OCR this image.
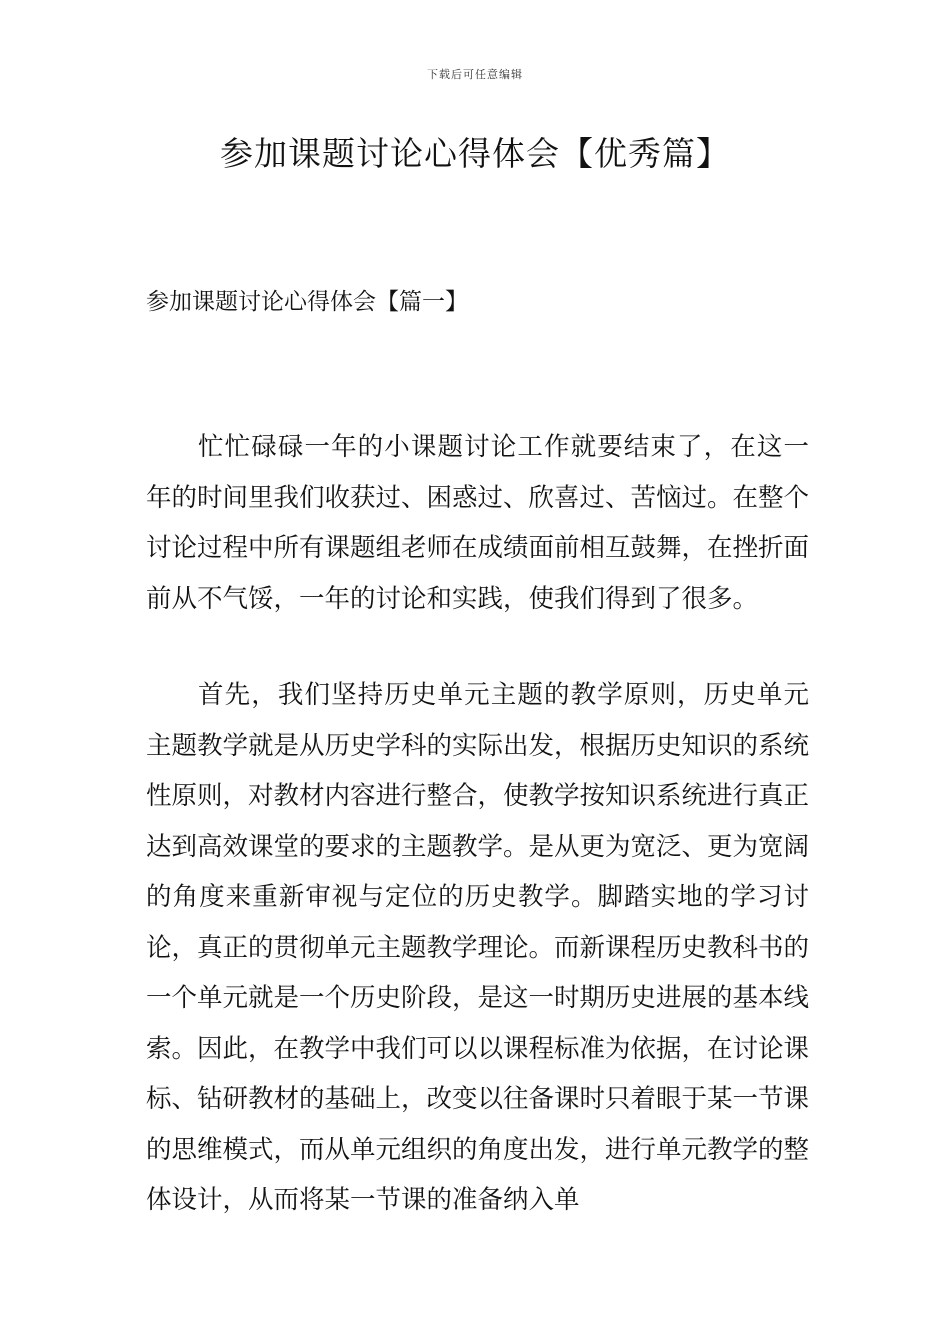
下载后可任意编辑
参加课题讨论心得体会【优秀篇】
参加课题讨论心得体会【篇一】

忙忙碌碌一年的小课题讨论工作就要结束了，在这一年的时间里我们收获过、困惑过、欣喜过、苦恼过。在整个讨论过程中所有课题组老师在成绩面前相互鼓舞，在挫折面前从不气馁，一年的讨论和实践，使我们得到了很多。

首先，我们坚持历史单元主题的教学原则，历史单元主题教学就是从历史学科的实际出发，根据历史知识的系统性原则，对教材内容进行整合，使教学按知识系统进行真正达到高效课堂的要求的主题教学。是从更为宽泛、更为宽阔的角度来重新审视与定位的历史教学。脚踏实地的学习讨论，真正的贯彻单元主题教学理论。而新课程历史教科书的一个单元就是一个历史阶段，是这一时期历史进展的基本线索。因此，在教学中我们可以以课程标准为依据，在讨论课标、钻研教材的基础上，改变以往备课时只着眼于某一节课的思维模式，而从单元组织的角度出发，进行单元教学的整体设计，从而将某一节课的准备纳入单
